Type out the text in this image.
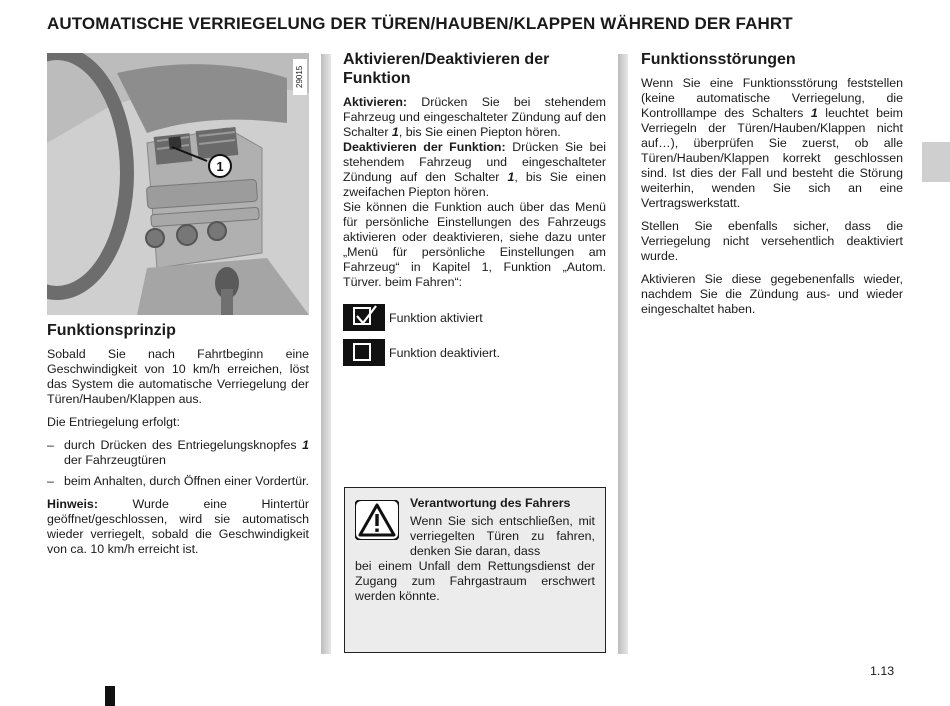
AUTOMATISCHE VERRIEGELUNG DER TÜREN/HAUBEN/KLAPPEN WÄHREND DER FAHRT
1
29015
Funktionsprinzip

Sobald Sie nach Fahrtbeginn eine Geschwindigkeit von 10 km/h erreichen, löst das System die automatische Verriegelung der Türen/Hauben/Klappen aus.

Die Entriegelung erfolgt:

– durch Drücken des Entriegelungsknopfes 1 der Fahrzeugtüren
– beim Anhalten, durch Öffnen einer Vordertür.

Hinweis: Wurde eine Hintertür geöffnet/geschlossen, wird sie automatisch wieder verriegelt, sobald die Geschwindigkeit von ca. 10 km/h erreicht ist.

Aktivieren/Deaktivieren der Funktion

Aktivieren: Drücken Sie bei stehendem Fahrzeug und eingeschalteter Zündung auf den Schalter 1, bis Sie einen Piepton hören.

Deaktivieren der Funktion: Drücken Sie bei stehendem Fahrzeug und eingeschalteter Zündung auf den Schalter 1, bis Sie einen zweifachen Piepton hören.

Sie können die Funktion auch über das Menü für persönliche Einstellungen des Fahrzeugs aktivieren oder deaktivieren, siehe dazu unter „Menü für persönliche Einstellungen am Fahrzeug“ in Kapitel 1, Funktion „Autom. Türver. beim Fahren“:

Funktion aktiviert
Funktion deaktiviert.
Verantwortung des Fahrers

Wenn Sie sich entschließen, mit verriegelten Türen zu fahren, denken Sie daran, dass

bei einem Unfall dem Rettungsdienst der Zugang zum Fahrgastraum erschwert werden könnte.

Funktionsstörungen

Wenn Sie eine Funktionsstörung feststellen (keine automatische Verriegelung, die Kontrolllampe des Schalters 1 leuchtet beim Verriegeln der Türen/Hauben/Klappen nicht auf…), überprüfen Sie zuerst, ob alle Türen/Hauben/Klappen korrekt geschlossen sind. Ist dies der Fall und besteht die Störung weiterhin, wenden Sie sich an eine Vertragswerkstatt.

Stellen Sie ebenfalls sicher, dass die Verriegelung nicht versehentlich deaktiviert wurde.

Aktivieren Sie diese gegebenenfalls wieder, nachdem Sie die Zündung aus- und wieder eingeschaltet haben.

1.13
